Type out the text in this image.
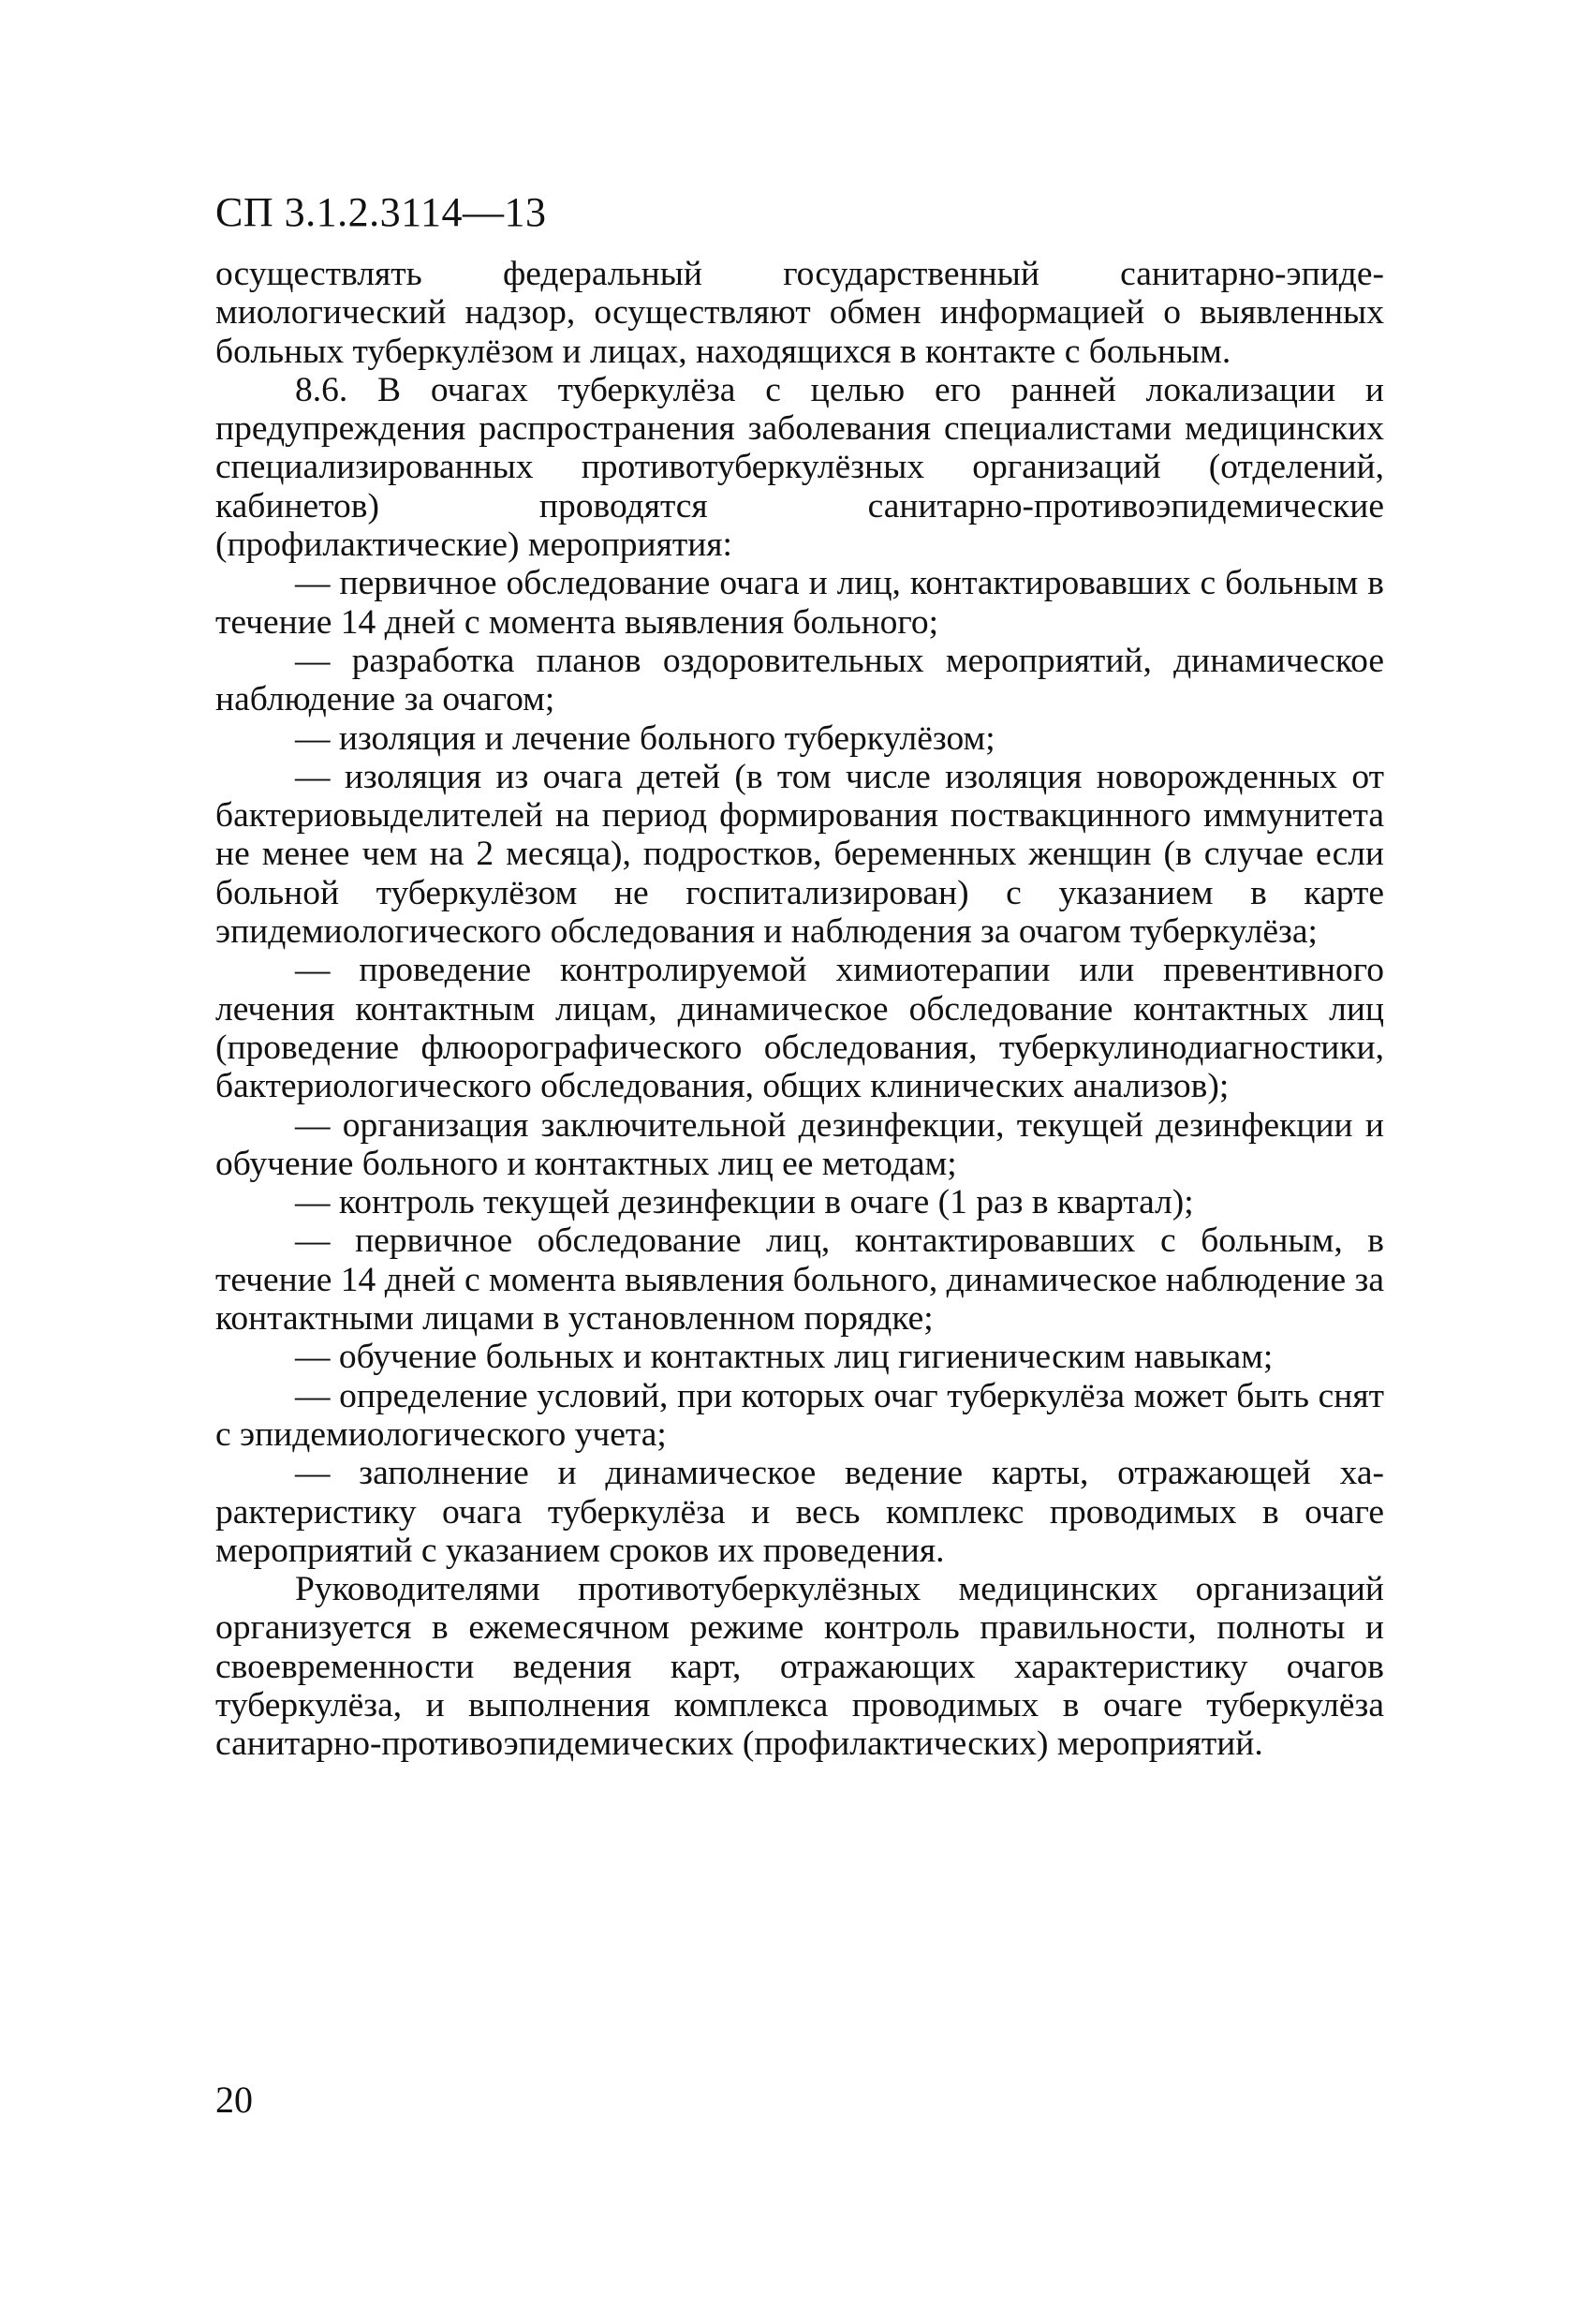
СП 3.1.2.3114—13

осуществлять федеральный государственный санитарно-эпидемиологический надзор, осуществляют обмен информацией о выявленных больных туберкулёзом и лицах, находящихся в контакте с больным.

8.6. В очагах туберкулёза с целью его ранней локализации и предупреждения распространения заболевания специалистами медицинских специализированных противотуберкулёзных организаций (отделений, кабинетов) проводятся санитарно-противоэпидемические (профилактические) мероприятия:

— первичное обследование очага и лиц, контактировавших с больным в течение 14 дней с момента выявления больного;

— разработка планов оздоровительных мероприятий, динамическое наблюдение за очагом;

— изоляция и лечение больного туберкулёзом;

— изоляция из очага детей (в том числе изоляция новорожденных от бактериовыделителей на период формирования поствакцинного иммунитета не менее чем на 2 месяца), подростков, беременных женщин (в случае если больной туберкулёзом не госпитализирован) с указанием в карте эпидемиологического обследования и наблюдения за очагом туберкулёза;

— проведение контролируемой химиотерапии или превентивного лечения контактным лицам, динамическое обследование контактных лиц (проведение флюорографического обследования, туберкулинодиагностики, бактериологического обследования, общих клинических анализов);

— организация заключительной дезинфекции, текущей дезинфекции и обучение больного и контактных лиц ее методам;

— контроль текущей дезинфекции в очаге (1 раз в квартал);

— первичное обследование лиц, контактировавших с больным, в течение 14 дней с момента выявления больного, динамическое наблюдение за контактными лицами в установленном порядке;

— обучение больных и контактных лиц гигиеническим навыкам;

— определение условий, при которых очаг туберкулёза может быть снят с эпидемиологического учета;

— заполнение и динамическое ведение карты, отражающей характеристику очага туберкулёза и весь комплекс проводимых в очаге мероприятий с указанием сроков их проведения.

Руководителями противотуберкулёзных медицинских организаций организуется в ежемесячном режиме контроль правильности, полноты и своевременности ведения карт, отражающих характеристику очагов туберкулёза, и выполнения комплекса проводимых в очаге туберкулёза санитарно-противоэпидемических (профилактических) мероприятий.

20
